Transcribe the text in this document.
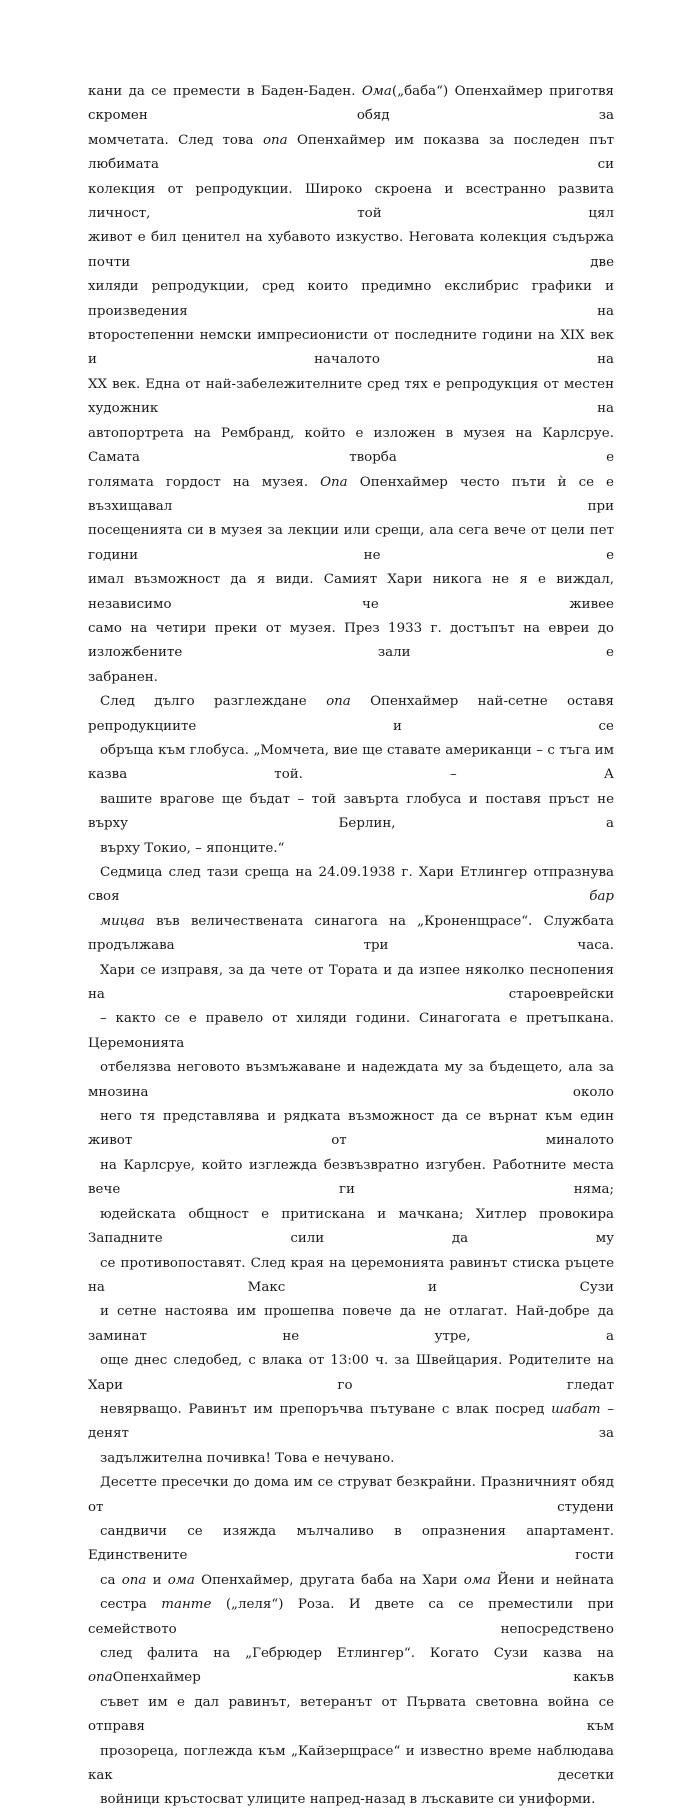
кани да се премести в Баден-Баден. Ома(„баба“) Опенхаймер приготвя скромен обяд за
момчетата. След това опа Опенхаймер им показва за последен път любимата си
колекция от репродукции. Широко скроена и всестранно развита личност, той цял
живот е бил ценител на хубавото изкуство. Неговата колекция съдържа почти две
хиляди репродукции, сред които предимно екслибрис графики и произведения на
второстепенни немски импресионисти от последните години на XIX век и началото на
XX век. Една от най-забележителните сред тях е репродукция от местен художник на
автопортрета на Рембранд, който е изложен в музея на Карлсруе. Самата творба е
голямата гордост на музея. Опа Опенхаймер често пъти ѝ се е възхищавал при
посещенията си в музея за лекции или срещи, ала сега вече от цели пет години не е
имал възможност да я види. Самият Хари никога не я е виждал, независимо че живее
само на четири преки от музея. През 1933 г. достъпът на евреи до изложбените зали е
забранен.

След дълго разглеждане опа Опенхаймер най-сетне оставя репродукциите и се
обръща към глобуса. „Момчета, вие ще ставате американци – с тъга им казва той. – А
вашите врагове ще бъдат – той завърта глобуса и поставя пръст не върху Берлин, а
върху Токио, – японците.“

Седмица след тази среща на 24.09.1938 г. Хари Етлингер отпразнува своя бар
мицва във величествената синагога на „Кроненщрасе“. Службата продължава три часа.
Хари се изправя, за да чете от Тората и да изпее няколко песнопения на староеврейски
– както се е правело от хиляди години. Синагогата е претъпкана. Церемонията
отбелязва неговото възмъжаване и надеждата му за бъдещето, ала за мнозина около
него тя представлява и рядката възможност да се върнат към един живот от миналото
на Карлсруе, който изглежда безвъзвратно изгубен. Работните места вече ги няма;
юдейската общност е притискана и мачкана; Хитлер провокира Западните сили да му
се противопоставят. След края на церемонията равинът стиска ръцете на Макс и Сузи
и сетне настоява им прошепва повече да не отлагат. Най-добре да заминат не утре, а
още днес следобед, с влака от 13:00 ч. за Швейцария. Родителите на Хари го гледат
невярващо. Равинът им препоръчва пътуване с влак посред шабат – денят за
задължителна почивка! Това е нечувано.

Десетте пресечки до дома им се струват безкрайни. Празничният обяд от студени
сандвичи се изяжда мълчаливо в опразнения апартамент. Единствените гости
са опа и ома Опенхаймер, другата баба на Хари ома Йени и нейната
сестра танте („леля“) Роза. И двете са се преместили при семейството непосредствено
след фалита на „Гебрюдер Етлингер“. Когато Сузи казва на опаОпенхаймер какъв
съвет им е дал равинът, ветеранът от Първата световна война се отправя към
прозореца, поглежда към „Кайзерщрасе“ и известно време наблюдава как десетки
войници кръстосват улиците напред-назад в лъскавите си униформи.
